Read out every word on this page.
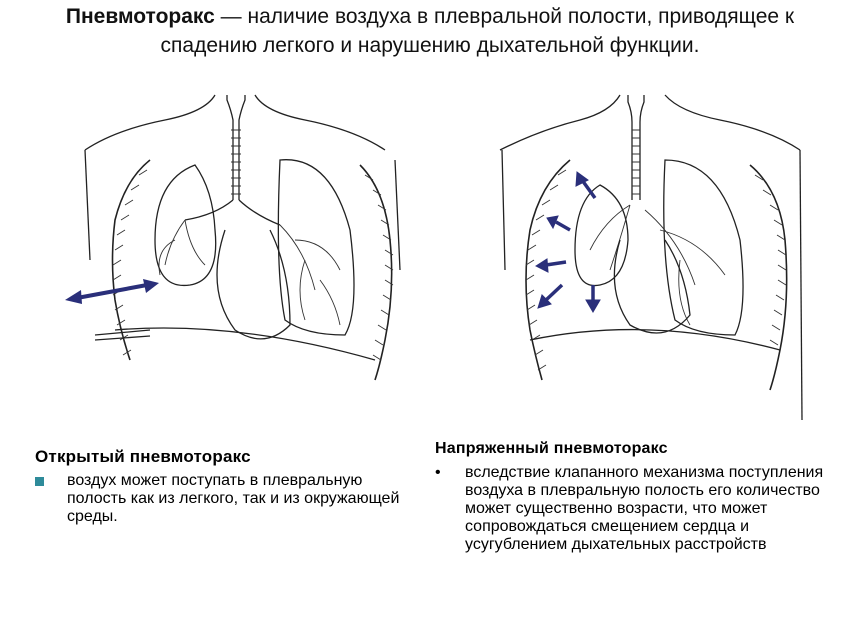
Пневмоторакс — наличие воздуха в плевральной полости, приводящее к спадению легкого и нарушению дыхательной функции.
Открытый пневмоторакс
воздух может поступать в плевральную полость как из легкого, так и из окружающей среды.
Напряженный пневмоторакс
• вследствие клапанного механизма поступления воздуха в плевральную полость его количество может существенно возрасти, что может сопровождаться смещением сердца и усугублением дыхательных расстройств
